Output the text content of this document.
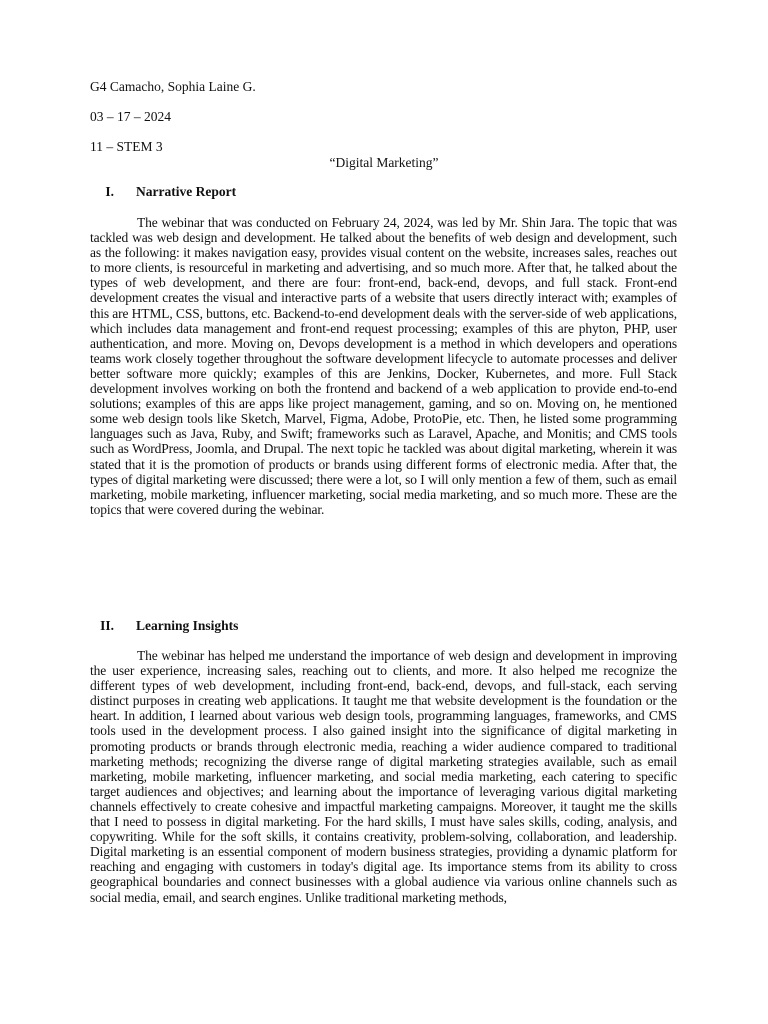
G4 Camacho, Sophia Laine G.
03 – 17 – 2024
11 – STEM 3
“Digital Marketing”
I. Narrative Report

The webinar that was conducted on February 24, 2024, was led by Mr. Shin Jara. The topic that was tackled was web design and development. He talked about the benefits of web design and development, such as the following: it makes navigation easy, provides visual content on the website, increases sales, reaches out to more clients, is resourceful in marketing and advertising, and so much more. After that, he talked about the types of web development, and there are four: front-end, back-end, devops, and full stack. Front-end development creates the visual and interactive parts of a website that users directly interact with; examples of this are HTML, CSS, buttons, etc. Backend-to-end development deals with the server-side of web applications, which includes data management and front-end request processing; examples of this are phyton, PHP, user authentication, and more. Moving on, Devops development is a method in which developers and operations teams work closely together throughout the software development lifecycle to automate processes and deliver better software more quickly; examples of this are Jenkins, Docker, Kubernetes, and more. Full Stack development involves working on both the frontend and backend of a web application to provide end-to-end solutions; examples of this are apps like project management, gaming, and so on. Moving on, he mentioned some web design tools like Sketch, Marvel, Figma, Adobe, ProtoPie, etc. Then, he listed some programming languages such as Java, Ruby, and Swift; frameworks such as Laravel, Apache, and Monitis; and CMS tools such as WordPress, Joomla, and Drupal. The next topic he tackled was about digital marketing, wherein it was stated that it is the promotion of products or brands using different forms of electronic media. After that, the types of digital marketing were discussed; there were a lot, so I will only mention a few of them, such as email marketing, mobile marketing, influencer marketing, social media marketing, and so much more. These are the topics that were covered during the webinar.

II. Learning Insights

The webinar has helped me understand the importance of web design and development in improving the user experience, increasing sales, reaching out to clients, and more. It also helped me recognize the different types of web development, including front-end, back-end, devops, and full-stack, each serving distinct purposes in creating web applications. It taught me that website development is the foundation or the heart. In addition, I learned about various web design tools, programming languages, frameworks, and CMS tools used in the development process. I also gained insight into the significance of digital marketing in promoting products or brands through electronic media, reaching a wider audience compared to traditional marketing methods; recognizing the diverse range of digital marketing strategies available, such as email marketing, mobile marketing, influencer marketing, and social media marketing, each catering to specific target audiences and objectives; and learning about the importance of leveraging various digital marketing channels effectively to create cohesive and impactful marketing campaigns. Moreover, it taught me the skills that I need to possess in digital marketing. For the hard skills, I must have sales skills, coding, analysis, and copywriting. While for the soft skills, it contains creativity, problem-solving, collaboration, and leadership. Digital marketing is an essential component of modern business strategies, providing a dynamic platform for reaching and engaging with customers in today's digital age. Its importance stems from its ability to cross geographical boundaries and connect businesses with a global audience via various online channels such as social media, email, and search engines. Unlike traditional marketing methods,
